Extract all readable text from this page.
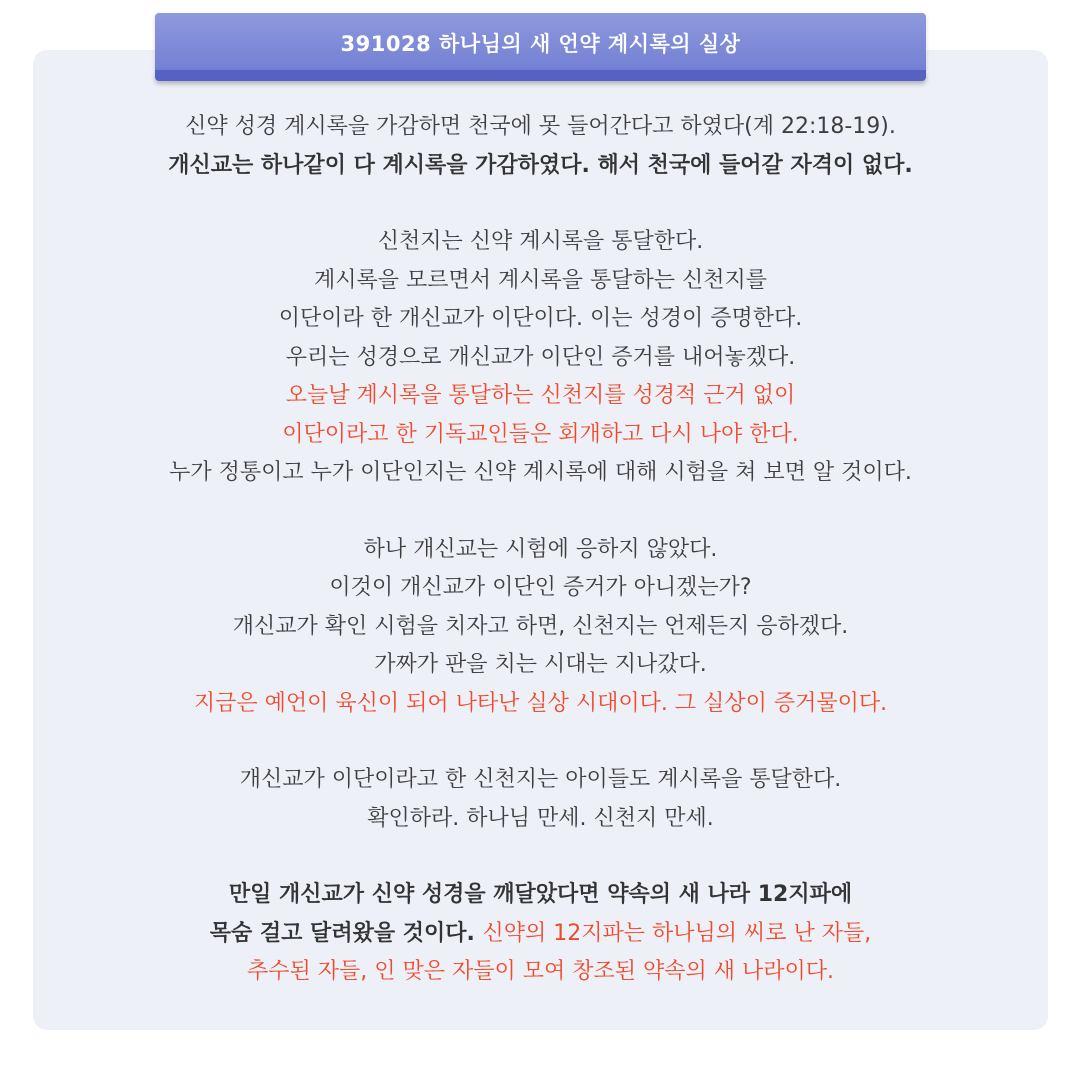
391028 하나님의 새 언약 계시록의 실상
신약 성경 계시록을 가감하면 천국에 못 들어간다고 하였다(계 22:18-19).
개신교는 하나같이 다 계시록을 가감하였다. 해서 천국에 들어갈 자격이 없다.
신천지는 신약 계시록을 통달한다.
계시록을 모르면서 계시록을 통달하는 신천지를
이단이라 한 개신교가 이단이다. 이는 성경이 증명한다.
우리는 성경으로 개신교가 이단인 증거를 내어놓겠다.
오늘날 계시록을 통달하는 신천지를 성경적 근거 없이
이단이라고 한 기독교인들은 회개하고 다시 나야 한다.
누가 정통이고 누가 이단인지는 신약 계시록에 대해 시험을 쳐 보면 알 것이다.
하나 개신교는 시험에 응하지 않았다.
이것이 개신교가 이단인 증거가 아니겠는가?
개신교가 확인 시험을 치자고 하면, 신천지는 언제든지 응하겠다.
가짜가 판을 치는 시대는 지나갔다.
지금은 예언이 육신이 되어 나타난 실상 시대이다. 그 실상이 증거물이다.
개신교가 이단이라고 한 신천지는 아이들도 계시록을 통달한다.
확인하라. 하나님 만세. 신천지 만세.
만일 개신교가 신약 성경을 깨달았다면 약속의 새 나라 12지파에
목숨 걸고 달려왔을 것이다. 신약의 12지파는 하나님의 씨로 난 자들,
추수된 자들, 인 맞은 자들이 모여 창조된 약속의 새 나라이다.
